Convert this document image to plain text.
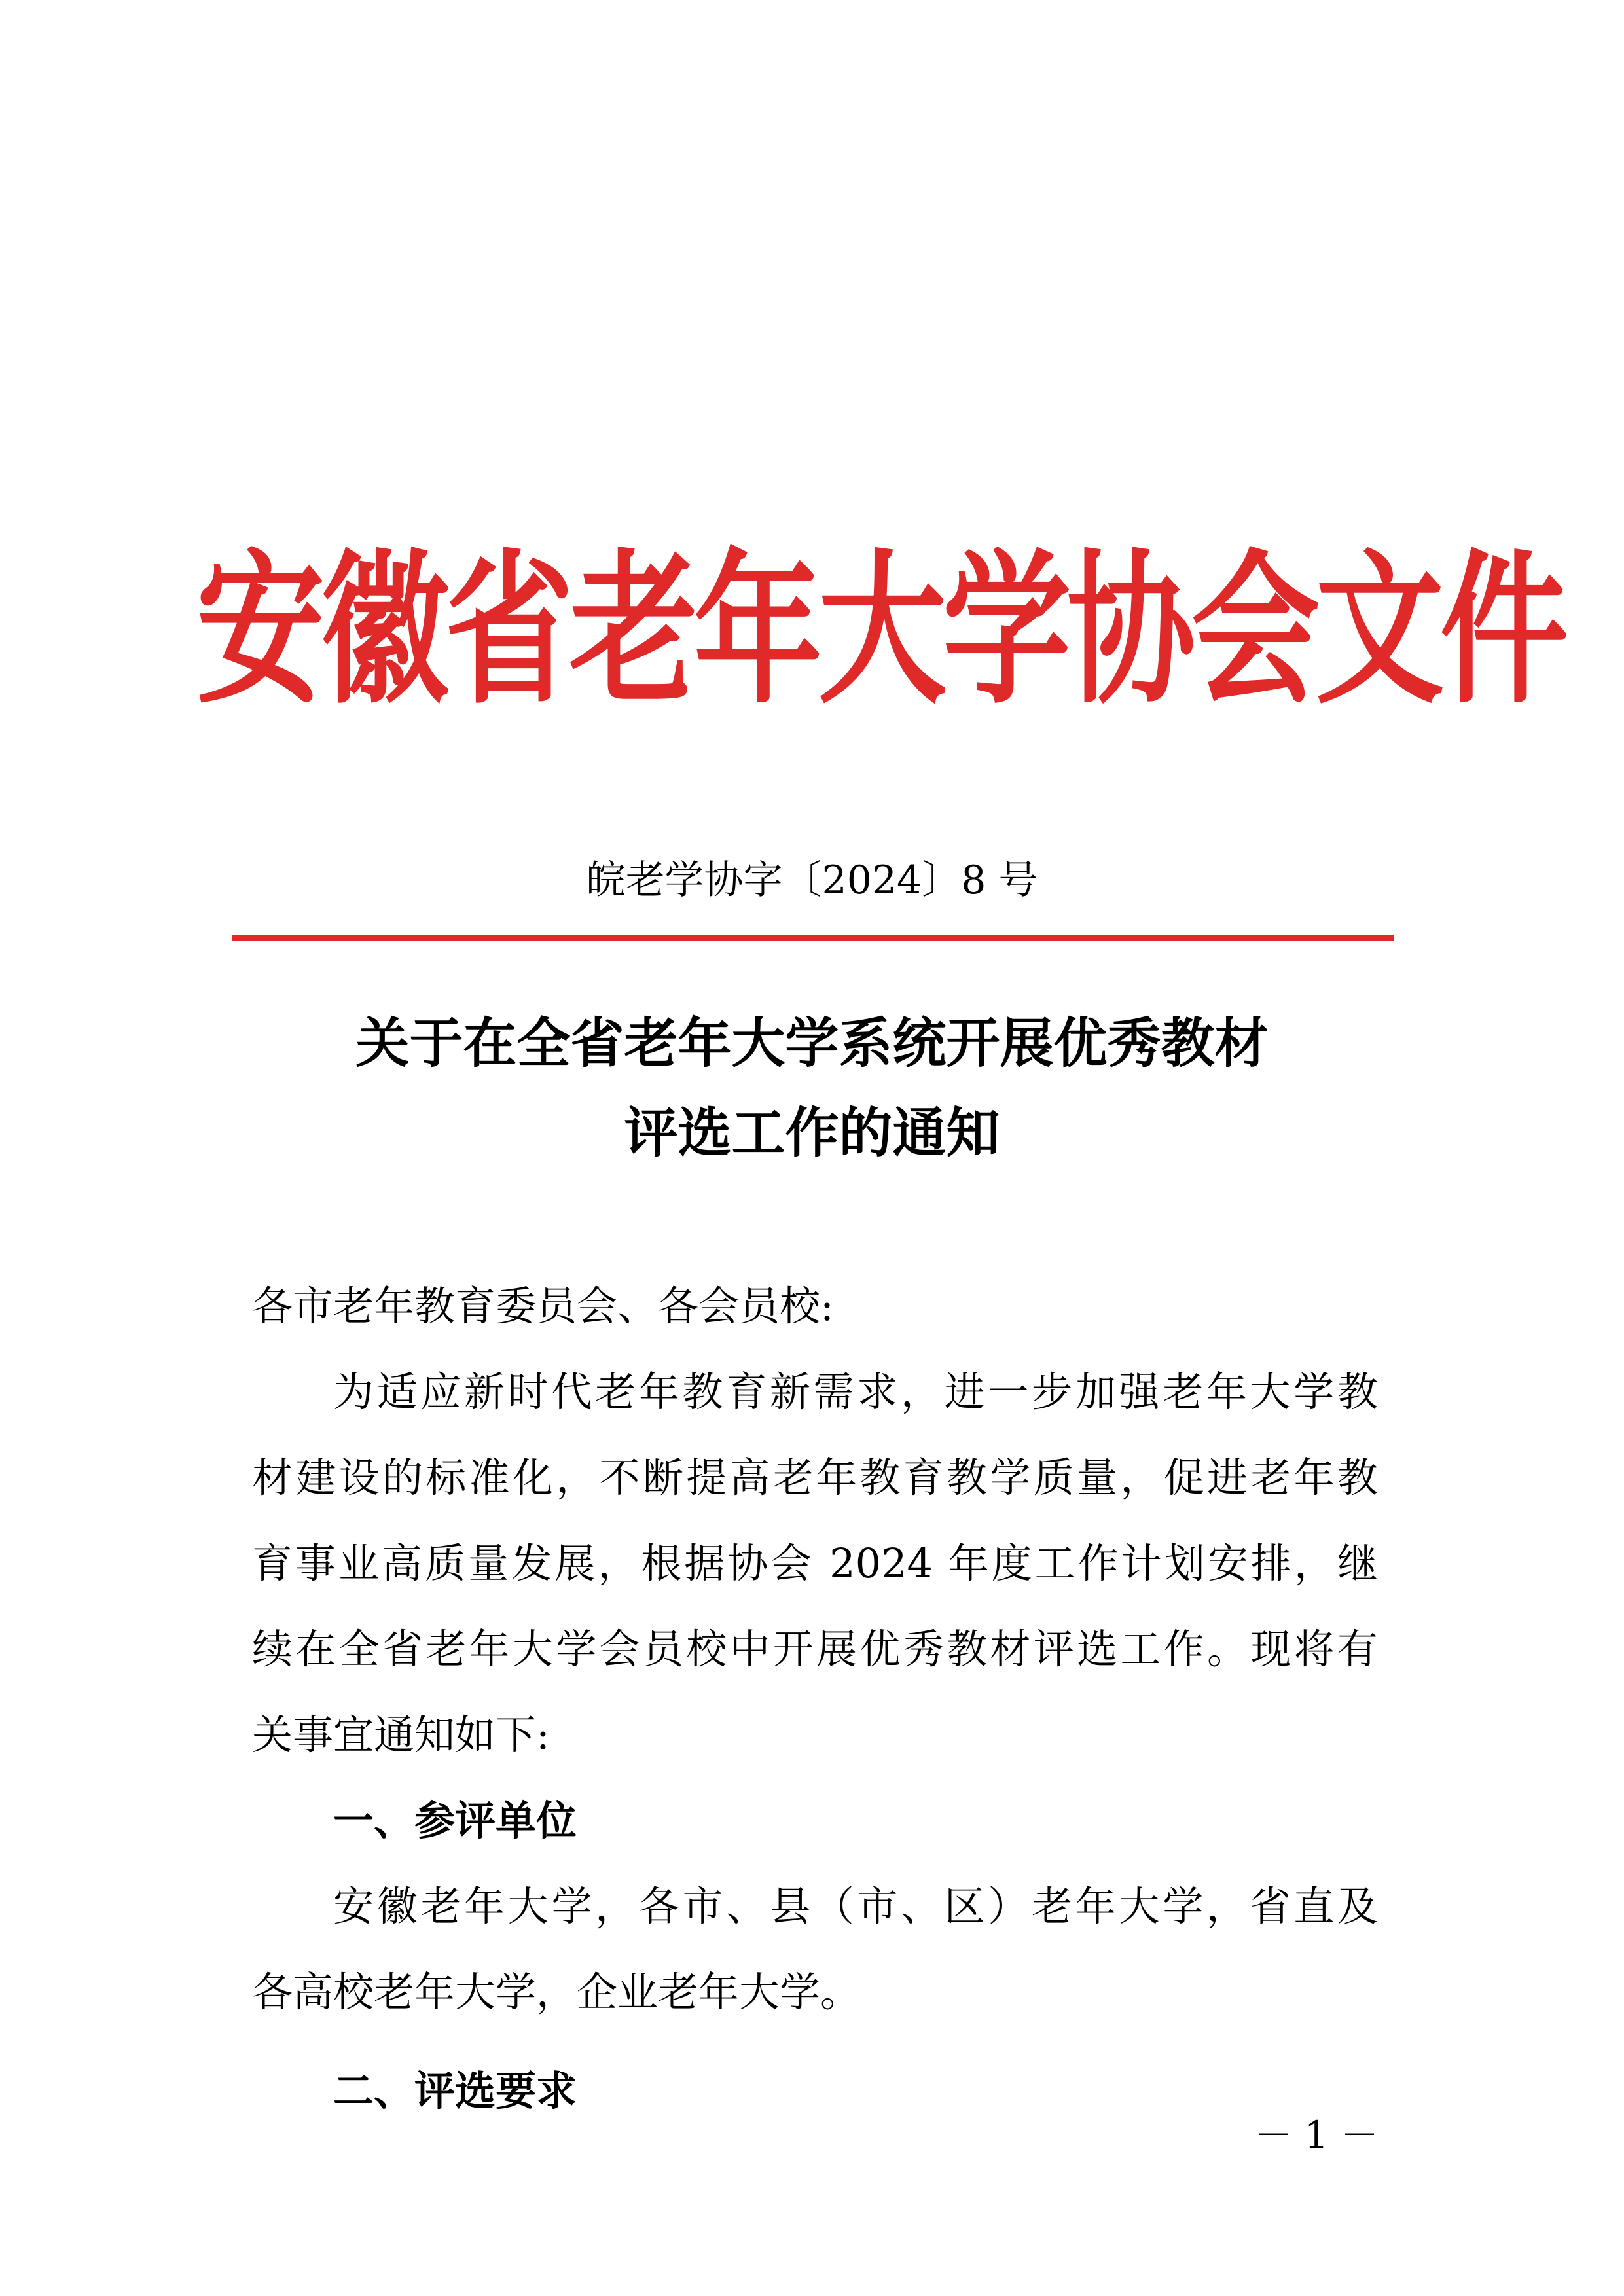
安徽省老年大学协会文件
皖老学协字〔2024〕8 号
关于在全省老年大学系统开展优秀教材
评选工作的通知
各市老年教育委员会、各会员校:
为适应新时代老年教育新需求，进一步加强老年大学教
材建设的标准化，不断提高老年教育教学质量，促进老年教
育事业高质量发展，根据协会 2024 年度工作计划安排，继
续在全省老年大学会员校中开展优秀教材评选工作。现将有
关事宜通知如下:
一、参评单位
安徽老年大学，各市、县（市、区）老年大学，省直及
各高校老年大学，企业老年大学。
二、评选要求
－ 1 －
